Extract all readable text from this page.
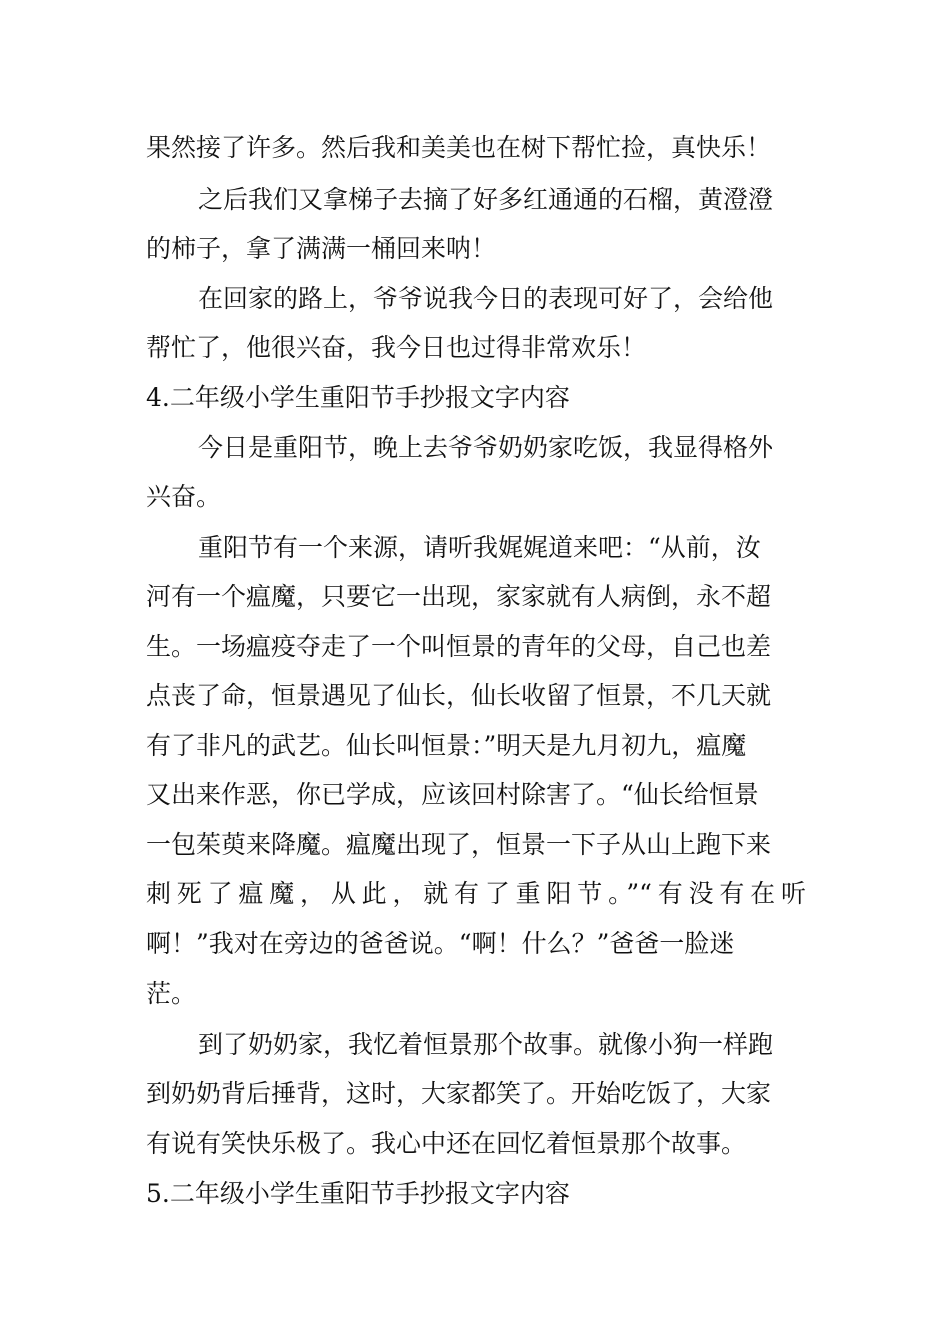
果然接了许多。然后我和美美也在树下帮忙捡，真快乐！
之后我们又拿梯子去摘了好多红通通的石榴，黄澄澄
的柿子，拿了满满一桶回来呐！
在回家的路上，爷爷说我今日的表现可好了，会给他
帮忙了，他很兴奋，我今日也过得非常欢乐！
4.二年级小学生重阳节手抄报文字内容
今日是重阳节，晚上去爷爷奶奶家吃饭，我显得格外
兴奋。
重阳节有一个来源，请听我娓娓道来吧：“从前，汝
河有一个瘟魔，只要它一出现，家家就有人病倒，永不超
生。一场瘟疫夺走了一个叫恒景的青年的父母，自己也差
点丧了命，恒景遇见了仙长，仙长收留了恒景，不几天就
有了非凡的武艺。仙长叫恒景：”明天是九月初九，瘟魔
又出来作恶，你已学成，应该回村除害了。“仙长给恒景
一包茱萸来降魔。瘟魔出现了，恒景一下子从山上跑下来
刺死了瘟魔，从此，就有了重阳节。”“有没有在听
啊！”我对在旁边的爸爸说。“啊！什么？”爸爸一脸迷
茫。
到了奶奶家，我忆着恒景那个故事。就像小狗一样跑
到奶奶背后捶背，这时，大家都笑了。开始吃饭了，大家
有说有笑快乐极了。我心中还在回忆着恒景那个故事。
5.二年级小学生重阳节手抄报文字内容
